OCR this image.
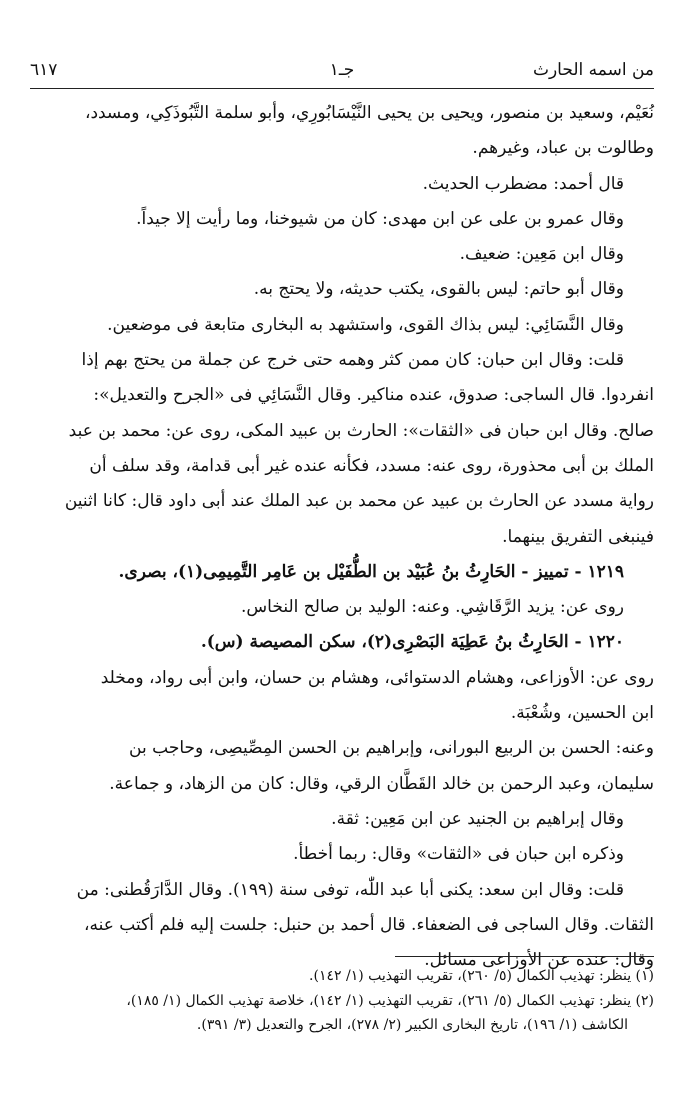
من اسمه الحارث
جـ١
٦١٧

نُعَيْم، وسعيد بن منصور، ويحيى بن يحيى النَّيْسَابُورِي، وأبو سلمة التَّبُوذَكِي، ومسدد،

وطالوت بن عباد، وغيرهم.

قال أحمد: مضطرب الحديث.

وقال عمرو بن على عن ابن مهدى: كان من شيوخنا، وما رأيت إلا جيداً.

وقال ابن مَعِين: ضعيف.

وقال أبو حاتم: ليس بالقوى، يكتب حديثه، ولا يحتج به.

وقال النَّسَائِي: ليس بذاك القوى، واستشهد به البخارى متابعة فى موضعين.

قلت: وقال ابن حبان: كان ممن كثر وهمه حتى خرج عن جملة من يحتج بهم إذا

انفردوا. قال الساجى: صدوق، عنده مناكير. وقال النَّسَائِي فى «الجرح والتعديل»:

صالح. وقال ابن حبان فى «الثقات»: الحارث بن عبيد المكى، روى عن: محمد بن عبد

الملك بن أبى محذورة، روى عنه: مسدد، فكأنه عنده غير أبى قدامة، وقد سلف أن

رواية مسدد عن الحارث بن عبيد عن محمد بن عبد الملك عند أبى داود قال: كانا اثنين

فينبغى التفريق بينهما.

١٢١٩ - تمييز - الحَارِثُ بنُ عُبَيْد بن الطُّفَيْل بن عَامِر التَّمِيمِى(١)، بصرى.

روى عن: يزيد الرَّقَاشِي. وعنه: الوليد بن صالح النخاس.

١٢٢٠ - الحَارِثُ بنُ عَطِيَة البَصْرِى(٢)، سكن المصيصة (س).

روى عن: الأوزاعى، وهشام الدستوائى، وهشام بن حسان، وابن أبى رواد، ومخلد

ابن الحسين، وشُعْبَة.

وعنه: الحسن بن الربيع البورانى، وإبراهيم بن الحسن المِصِّيصِى، وحاجب بن

سليمان، وعبد الرحمن بن خالد القَطَّان الرقي، وقال: كان من الزهاد، و جماعة.

وقال إبراهيم بن الجنيد عن ابن مَعِين: ثقة.

وذكره ابن حبان فى «الثقات» وقال: ربما أخطأ.

قلت: وقال ابن سعد: يكنى أبا عبد اللّٰه، توفى سنة (١٩٩). وقال الدَّارَقُطنى: من

الثقات. وقال الساجى فى الضعفاء. قال أحمد بن حنبل: جلست إليه فلم أكتب عنه،

وقال: عنده عن الأوزاعى مسائل.

(١) ينظر: تهذيب الكمال (٥/ ٢٦٠)، تقريب التهذيب (١/ ١٤٢).

(٢) ينظر: تهذيب الكمال (٥/ ٢٦١)، تقريب التهذيب (١/ ١٤٢)، خلاصة تهذيب الكمال (١/ ١٨٥)،

الكاشف (١/ ١٩٦)، تاريخ البخارى الكبير (٢/ ٢٧٨)، الجرح والتعديل (٣/ ٣٩١).
